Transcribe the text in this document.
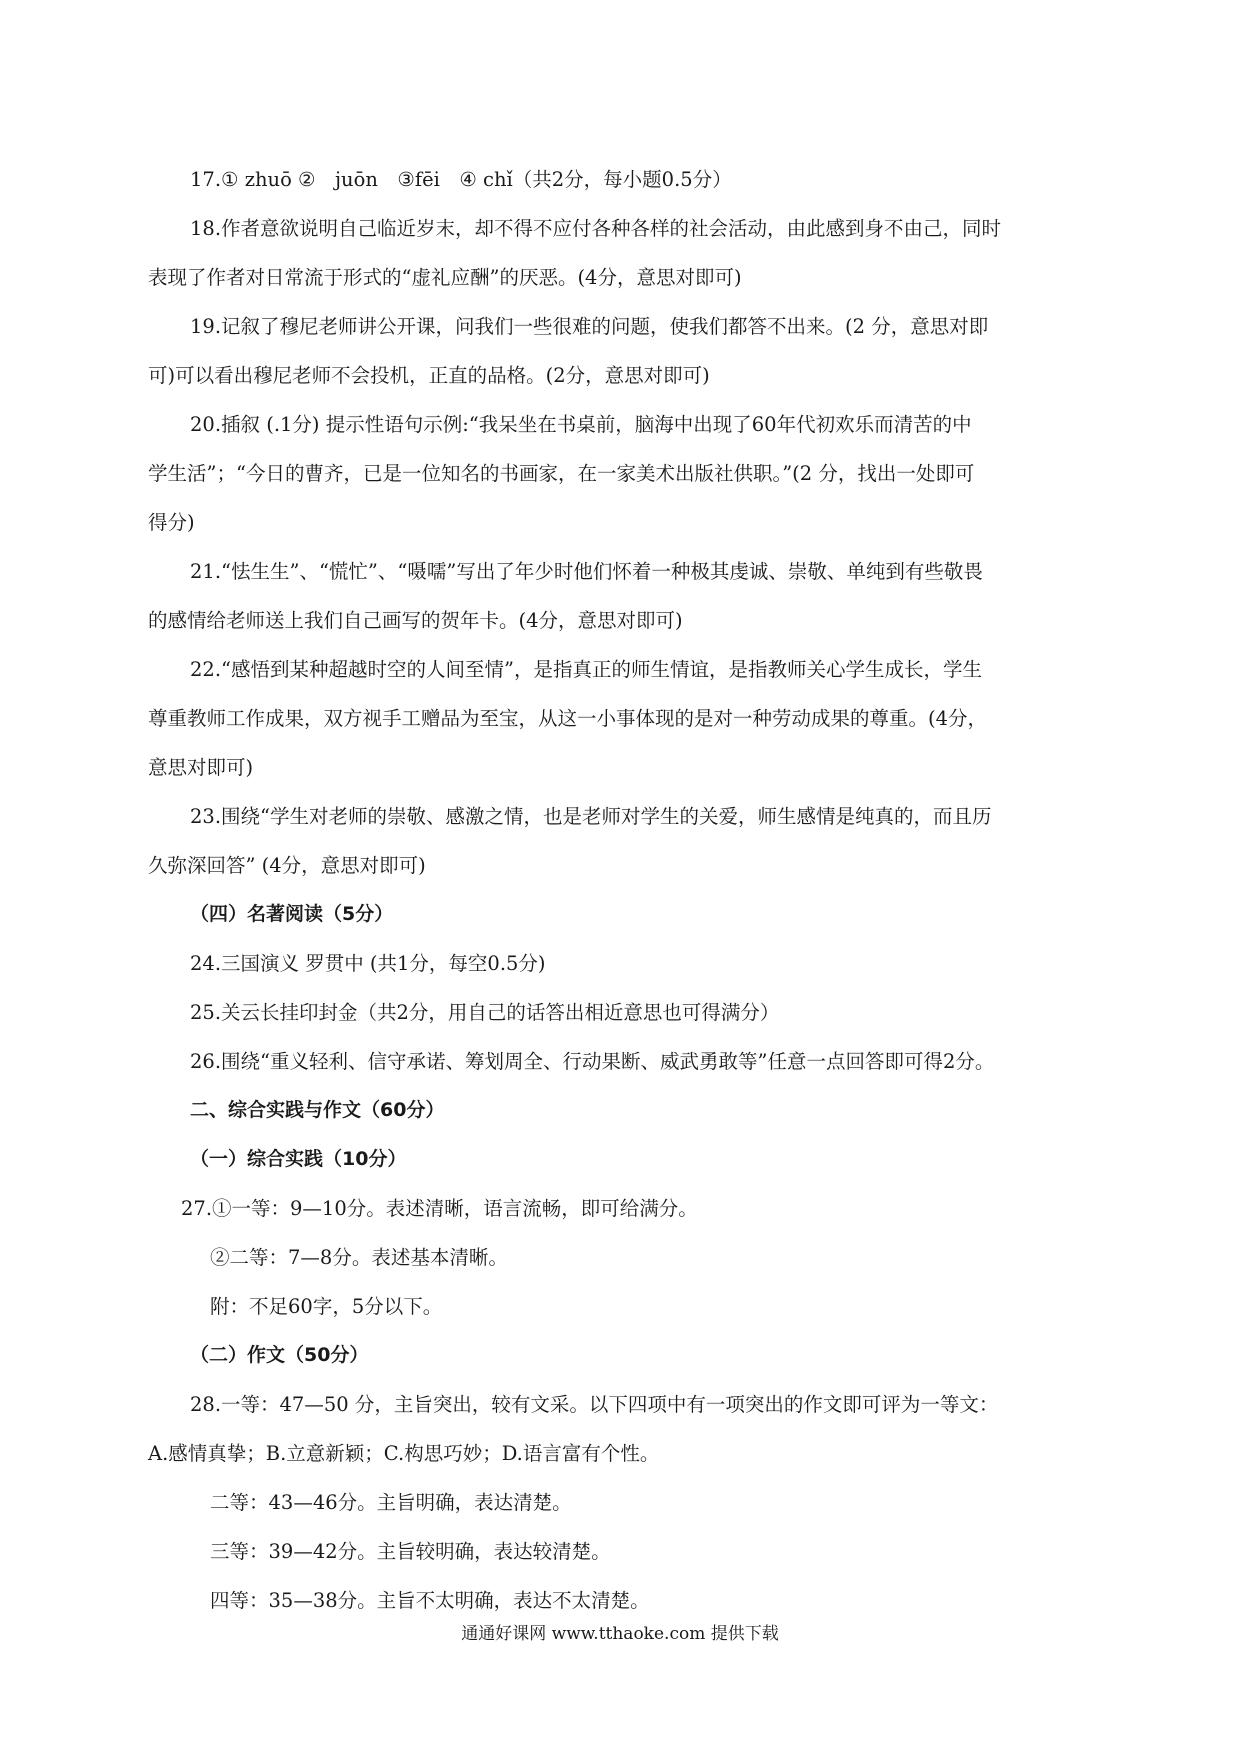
17.① zhuō ②　juōn　③fēi　④ chǐ（共2分，每小题0.5分）

18.作者意欲说明自己临近岁末，却不得不应付各种各样的社会活动，由此感到身不由己，同时

表现了作者对日常流于形式的“虚礼应酬”的厌恶。(4分，意思对即可)

19.记叙了穆尼老师讲公开课，问我们一些很难的问题，使我们都答不出来。(2 分，意思对即

可)可以看出穆尼老师不会投机，正直的品格。(2分，意思对即可)

20.插叙 (.1分) 提示性语句示例:“我呆坐在书桌前，脑海中出现了60年代初欢乐而清苦的中

学生活”；“今日的曹齐，已是一位知名的书画家，在一家美术出版社供职。”(2 分，找出一处即可

得分)

21.“怯生生”、“慌忙”、“嗫嚅”写出了年少时他们怀着一种极其虔诚、崇敬、单纯到有些敬畏

的感情给老师送上我们自己画写的贺年卡。(4分，意思对即可)

22.“感悟到某种超越时空的人间至情”，是指真正的师生情谊，是指教师关心学生成长，学生

尊重教师工作成果，双方视手工赠品为至宝，从这一小事体现的是对一种劳动成果的尊重。(4分，

意思对即可)

23.围绕“学生对老师的崇敬、感激之情，也是老师对学生的关爱，师生感情是纯真的，而且历

久弥深回答” (4分，意思对即可)

（四）名著阅读（5分）

24.三国演义 罗贯中 (共1分，每空0.5分)

25.关云长挂印封金（共2分，用自己的话答出相近意思也可得满分）

26.围绕“重义轻利、信守承诺、筹划周全、行动果断、威武勇敢等”任意一点回答即可得2分。

二、综合实践与作文（60分）

（一）综合实践（10分）

27.①一等：9—10分。表述清晰，语言流畅，即可给满分。

②二等：7—8分。表述基本清晰。

附：不足60字，5分以下。

（二）作文（50分）

28.一等：47—50 分，主旨突出，较有文采。以下四项中有一项突出的作文即可评为一等文：

A.感情真挚；B.立意新颖；C.构思巧妙；D.语言富有个性。

二等：43—46分。主旨明确，表达清楚。

三等：39—42分。主旨较明确，表达较清楚。

四等：35—38分。主旨不太明确，表达不太清楚。

通通好课网 www.tthaoke.com 提供下载
